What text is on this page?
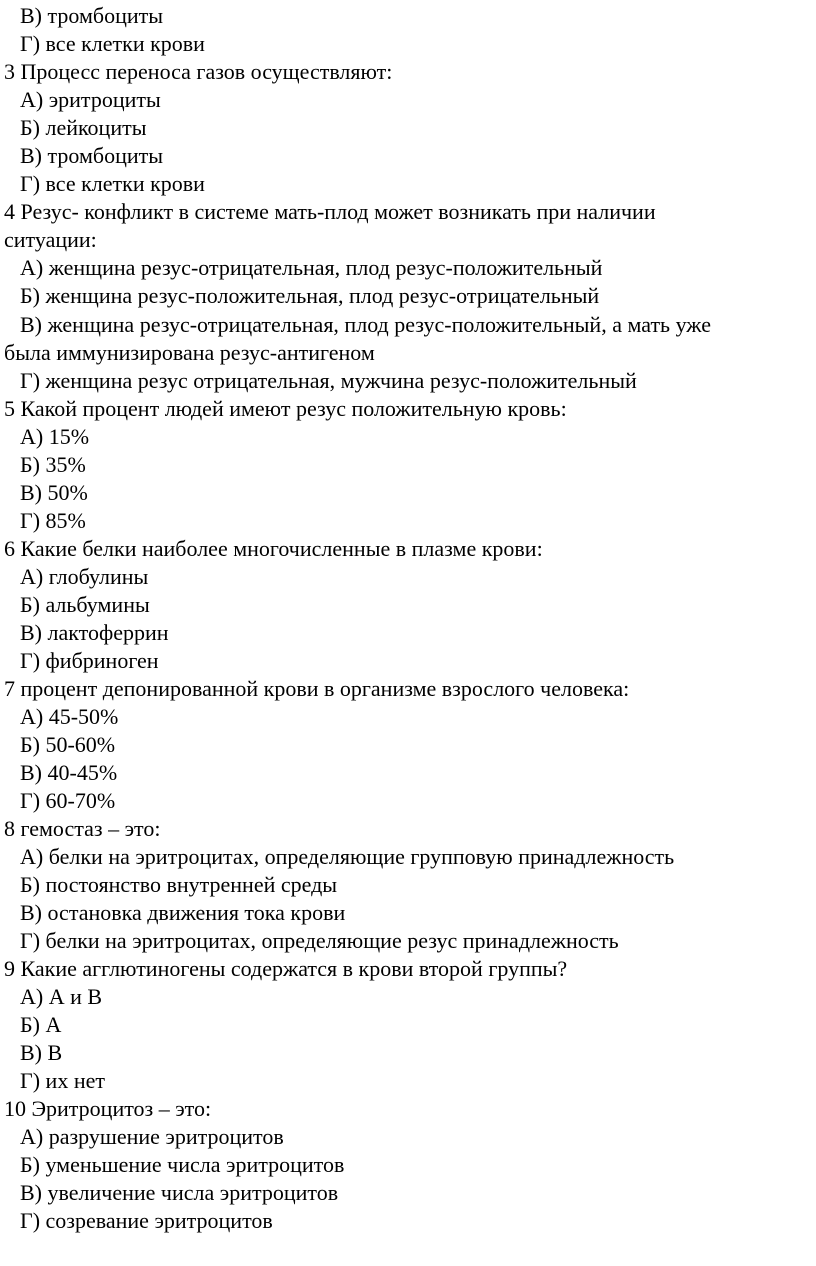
В) тромбоциты
Г) все клетки крови
3 Процесс переноса газов осуществляют:
А) эритроциты
Б) лейкоциты
В) тромбоциты
Г) все клетки крови
4 Резус- конфликт в системе мать-плод может возникать при наличии
ситуации:
А) женщина резус-отрицательная, плод резус-положительный
Б) женщина резус-положительная, плод резус-отрицательный
В) женщина резус-отрицательная, плод резус-положительный, а мать уже
была иммунизирована резус-антигеном
Г) женщина резус отрицательная, мужчина резус-положительный
5 Какой процент людей имеют резус положительную кровь:
А) 15%
Б) 35%
В) 50%
Г) 85%
6 Какие белки наиболее многочисленные в плазме крови:
А) глобулины
Б) альбумины
В) лактоферрин
Г) фибриноген
7 процент депонированной крови в организме взрослого человека:
А) 45-50%
Б) 50-60%
В) 40-45%
Г) 60-70%
8 гемостаз – это:
А) белки на эритроцитах, определяющие групповую принадлежность
Б) постоянство внутренней среды
В) остановка движения тока крови
Г) белки на эритроцитах, определяющие резус принадлежность
9 Какие агглютиногены содержатся в крови второй группы?
А) А и В
Б) А
В) В
Г) их нет
10 Эритроцитоз – это:
А) разрушение эритроцитов
Б) уменьшение числа эритроцитов
В) увеличение числа эритроцитов
Г) созревание эритроцитов
